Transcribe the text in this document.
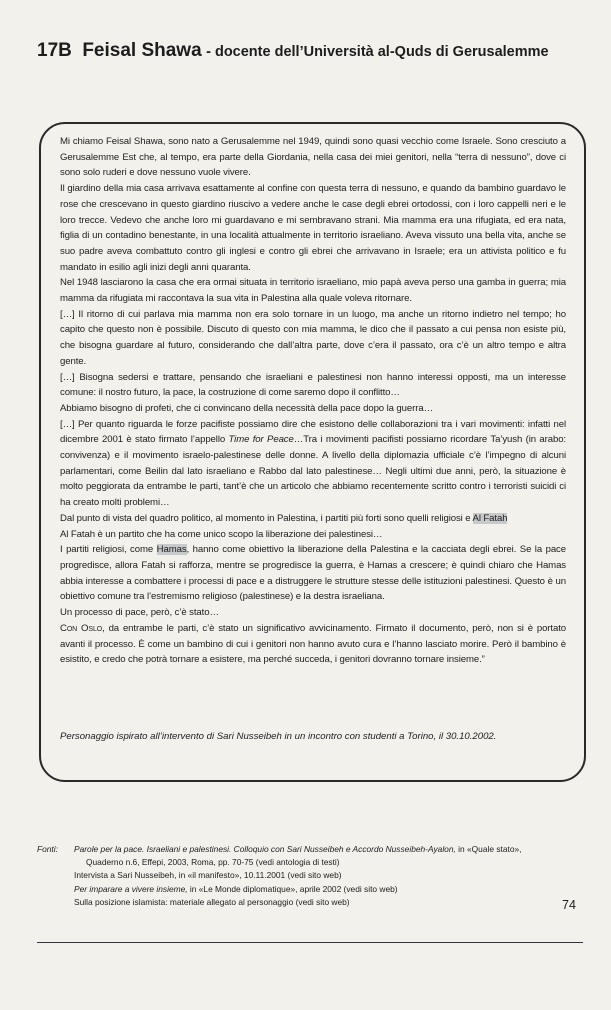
17B Feisal Shawa - docente dell’Università al-Quds di Gerusalemme

Mi chiamo Feisal Shawa, sono nato a Gerusalemme nel 1949, quindi sono quasi vecchio come Israele. Sono cresciuto a Gerusalemme Est che, al tempo, era parte della Giordania, nella casa dei miei genitori, nella “terra di nessuno”, dove ci sono solo ruderi e dove nessuno vuole vivere.

Il giardino della mia casa arrivava esattamente al confine con questa terra di nessuno, e quando da bambino guardavo le rose che crescevano in questo giardino riuscivo a vedere anche le case degli ebrei ortodossi, con i loro cappelli neri e le loro trecce. Vedevo che anche loro mi guardavano e mi sembravano strani. Mia mamma era una rifugiata, ed era nata, figlia di un contadino benestante, in una località attualmente in territorio israeliano. Aveva vissuto una bella vita, anche se suo padre aveva combattuto contro gli inglesi e contro gli ebrei che arrivavano in Israele; era un attivista politico e fu mandato in esilio agli inizi degli anni quaranta.

Nel 1948 lasciarono la casa che era ormai situata in territorio israeliano, mio papà aveva perso una gamba in guerra; mia mamma da rifugiata mi raccontava la sua vita in Palestina alla quale voleva ritornare.

[…] Il ritorno di cui parlava mia mamma non era solo tornare in un luogo, ma anche un ritorno indietro nel tempo; ho capito che questo non è possibile. Discuto di questo con mia mamma, le dico che il passato a cui pensa non esiste più, che bisogna guardare al futuro, considerando che dall’altra parte, dove c’era il passato, ora c’è un altro tempo e altra gente.

[…] Bisogna sedersi e trattare, pensando che israeliani e palestinesi non hanno interessi opposti, ma un interesse comune: il nostro futuro, la pace, la costruzione di come saremo dopo il conflitto…

Abbiamo bisogno di profeti, che ci convincano della necessità della pace dopo la guerra…

[…] Per quanto riguarda le forze pacifiste possiamo dire che esistono delle collaborazioni tra i vari movimenti: infatti nel dicembre 2001 è stato firmato l’appello Time for Peace…Tra i movimenti pacifisti possiamo ricordare Ta’yush (in arabo: convivenza) e il movimento israelo-palestinese delle donne. A livello della diplomazia ufficiale c’è l’impegno di alcuni parlamentari, come Beilin dal lato israeliano e Rabbo dal lato palestinese… Negli ultimi due anni, però, la situazione è molto peggiorata da entrambe le parti, tant’è che un articolo che abbiamo recentemente scritto contro i terroristi suicidi ci ha creato molti problemi…

Dal punto di vista del quadro politico, al momento in Palestina, i partiti più forti sono quelli religiosi e Al Fatah

Al Fatah è un partito che ha come unico scopo la liberazione dei palestinesi…

I partiti religiosi, come Hamas, hanno come obiettivo la liberazione della Palestina e la cacciata degli ebrei. Se la pace progredisce, allora Fatah si rafforza, mentre se progredisce la guerra, è Hamas a crescere; è quindi chiaro che Hamas abbia interesse a combattere i processi di pace e a distruggere le strutture stesse delle istituzioni palestinesi. Questo è un obiettivo comune tra l’estremismo religioso (palestinese) e la destra israeliana.

Un processo di pace, però, c’è stato…

Con Oslo, da entrambe le parti, c’è stato un significativo avvicinamento. Firmato il documento, però, non si è portato avanti il processo. È come un bambino di cui i genitori non hanno avuto cura e l’hanno lasciato morire. Però il bambino è esistito, e credo che potrà tornare a esistere, ma perché succeda, i genitori dovranno tornare insieme.”

Personaggio ispirato all’intervento di Sari Nusseibeh in un incontro con studenti a Torino, il 30.10.2002.
Fonti: Parole per la pace. Israeliani e palestinesi. Colloquio con Sari Nusseibeh e Accordo Nusseibeh-Ayalon, in «Quale stato»,
Quaderno n.6, Effepi, 2003, Roma, pp. 70-75 (vedi antologia di testi)
Intervista a Sari Nusseibeh, in «il manifesto», 10.11.2001 (vedi sito web)
Per imparare a vivere insieme, in «Le Monde diplomatique», aprile 2002 (vedi sito web)
Sulla posizione islamista: materiale allegato al personaggio (vedi sito web)	74
